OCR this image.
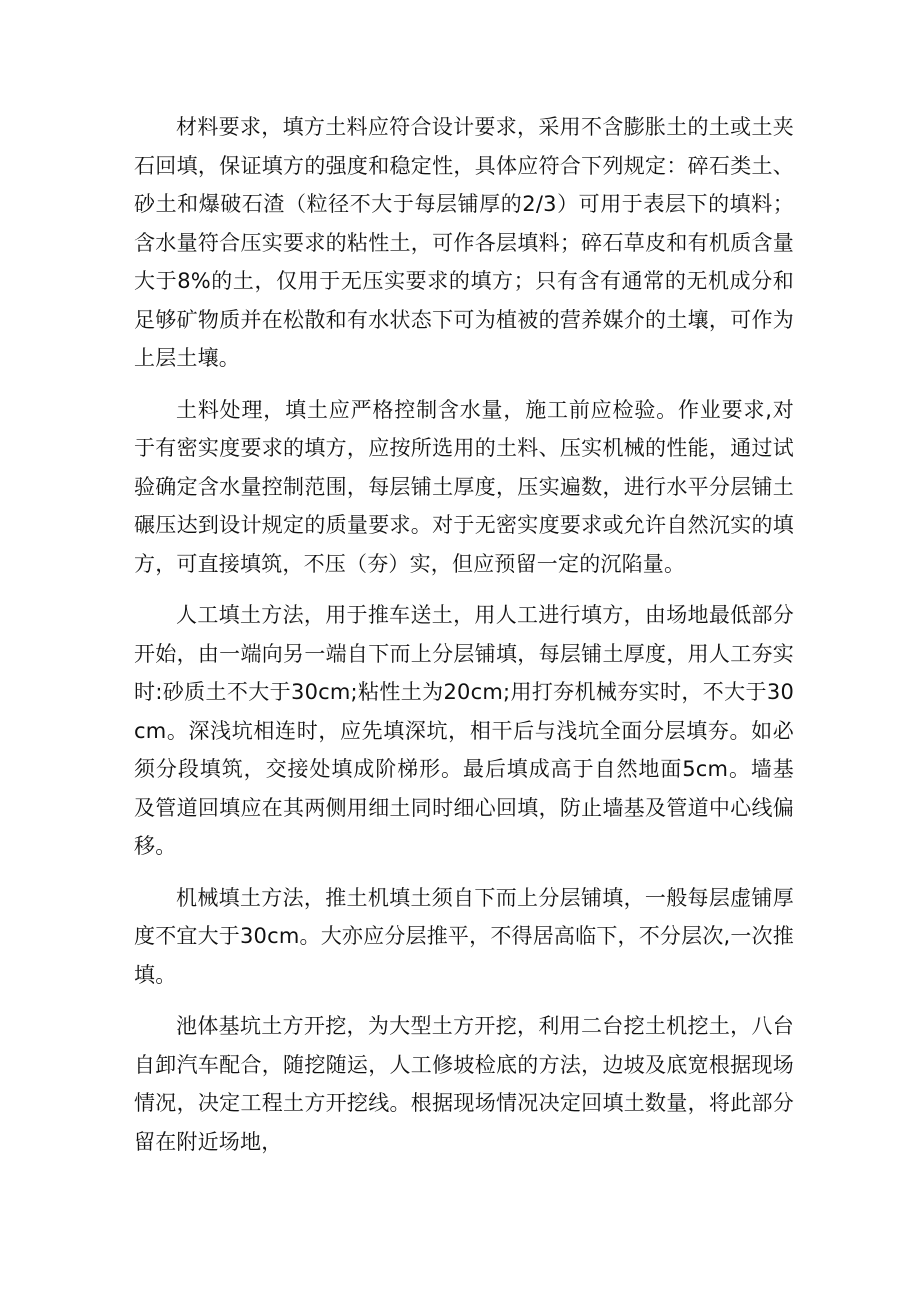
材料要求，填方土料应符合设计要求，采用不含膨胀土的土或土夹石回填，保证填方的强度和稳定性，具体应符合下列规定：碎石类土、砂土和爆破石渣（粒径不大于每层铺厚的2/3）可用于表层下的填料；含水量符合压实要求的粘性土，可作各层填料；碎石草皮和有机质含量大于8%的土，仅用于无压实要求的填方；只有含有通常的无机成分和足够矿物质并在松散和有水状态下可为植被的营养媒介的土壤，可作为上层土壤。

土料处理，填土应严格控制含水量，施工前应检验。作业要求,对于有密实度要求的填方，应按所选用的土料、压实机械的性能，通过试验确定含水量控制范围，每层铺土厚度，压实遍数，进行水平分层铺土碾压达到设计规定的质量要求。对于无密实度要求或允许自然沉实的填方，可直接填筑，不压（夯）实，但应预留一定的沉陷量。

人工填土方法，用于推车送土，用人工进行填方，由场地最低部分开始，由一端向另一端自下而上分层铺填，每层铺土厚度，用人工夯实时:砂质土不大于30cm;粘性土为20cm;用打夯机械夯实时，不大于30cm。深浅坑相连时，应先填深坑，相干后与浅坑全面分层填夯。如必须分段填筑，交接处填成阶梯形。最后填成高于自然地面5cm。墙基及管道回填应在其两侧用细土同时细心回填，防止墙基及管道中心线偏移。

机械填土方法，推土机填土须自下而上分层铺填，一般每层虚铺厚度不宜大于30cm。大亦应分层推平，不得居高临下，不分层次,一次推填。

池体基坑土方开挖，为大型土方开挖，利用二台挖土机挖土，八台自卸汽车配合，随挖随运，人工修坡检底的方法，边坡及底宽根据现场情况，决定工程土方开挖线。根据现场情况决定回填土数量，将此部分留在附近场地，
